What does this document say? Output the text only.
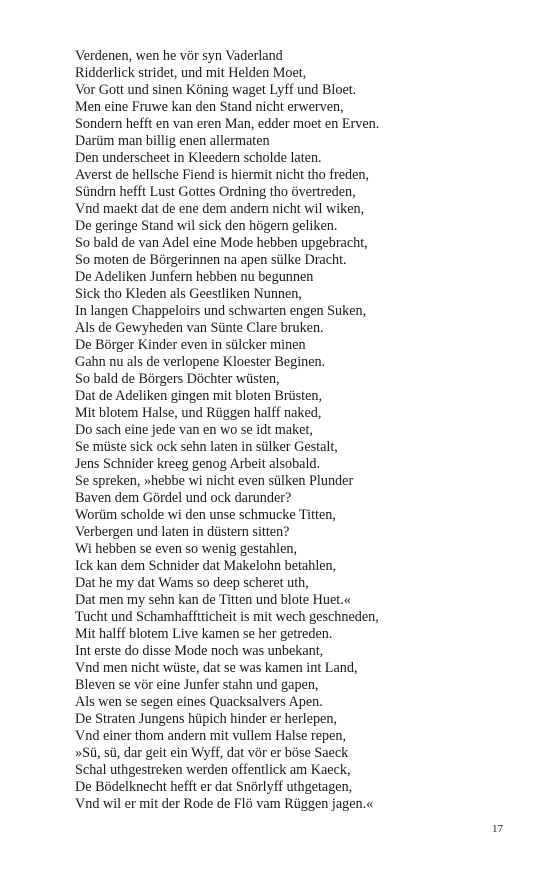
Verdenen, wen he vör syn Vaderland
Ridderlick stridet, und mit Helden Moet,
Vor Gott und sinen Köning waget Lyff und Bloet.
Men eine Fruwe kan den Stand nicht erwerven,
Sondern hefft en van eren Man, edder moet en Erven.
Darüm man billig enen allermaten
Den underscheet in Kleedern scholde laten.
Averst de hellsche Fiend is hiermit nicht tho freden,
Sündrn hefft Lust Gottes Ordning tho övertreden,
Vnd maekt dat de ene dem andern nicht wil wiken,
De geringe Stand wil sick den högern geliken.
So bald de van Adel eine Mode hebben upgebracht,
So moten de Börgerinnen na apen sülke Dracht.
De Adeliken Junfern hebben nu begunnen
Sick tho Kleden als Geestliken Nunnen,
In langen Chappeloirs und schwarten engen Suken,
Als de Gewyheden van Sünte Clare bruken.
De Börger Kinder even in sülcker minen
Gahn nu als de verlopene Kloester Beginen.
So bald de Börgers Döchter wüsten,
Dat de Adeliken gingen mit bloten Brüsten,
Mit blotem Halse, und Rüggen halff naked,
Do sach eine jede van en wo se idt maket,
Se müste sick ock sehn laten in sülker Gestalt,
Jens Schnider kreeg genog Arbeit alsobald.
Se spreken, »hebbe wi nicht even sülken Plunder
Baven dem Gördel und ock darunder?
Worüm scholde wi den unse schmucke Titten,
Verbergen und laten in düstern sitten?
Wi hebben se even so wenig gestahlen,
Ick kan dem Schnider dat Makelohn betahlen,
Dat he my dat Wams so deep scheret uth,
Dat men my sehn kan de Titten und blote Huet.«
Tucht und Schamhafftticheit is mit wech geschneden,
Mit halff blotem Live kamen se her getreden.
Int erste do disse Mode noch was unbekant,
Vnd men nicht wüste, dat se was kamen int Land,
Bleven se vör eine Junfer stahn und gapen,
Als wen se segen eines Quacksalvers Apen.
De Straten Jungens hüpich hinder er herlepen,
Vnd einer thom andern mit vullem Halse repen,
»Sü, sü, dar geit ein Wyff, dat vör er böse Saeck
Schal uthgestreken werden offentlick am Kaeck,
De Bödelknecht hefft er dat Snörlyff uthgetagen,
Vnd wil er mit der Rode de Flö vam Rüggen jagen.«
17
